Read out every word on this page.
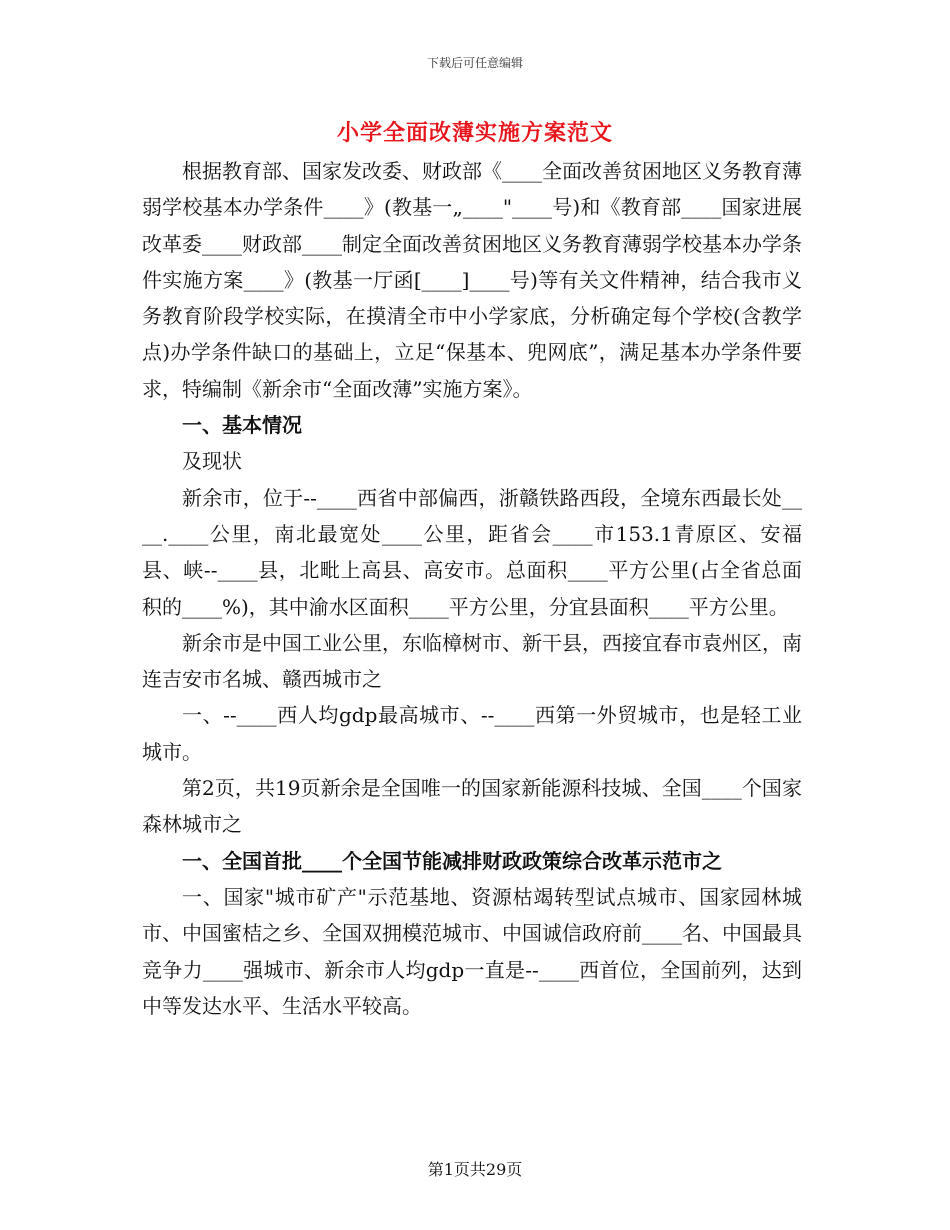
下载后可任意编辑
小学全面改薄实施方案范文

根据教育部、国家发改委、财政部《____全面改善贫困地区义务教育薄弱学校基本办学条件____》(教基一„____"____号)和《教育部____国家进展改革委____财政部____制定全面改善贫困地区义务教育薄弱学校基本办学条件实施方案____》(教基一厅函[____]____号)等有关文件精神，结合我市义务教育阶段学校实际，在摸清全市中小学家底，分析确定每个学校(含教学点)办学条件缺口的基础上，立足“保基本、兜网底”，满足基本办学条件要求，特编制《新余市“全面改薄”实施方案》。

一、基本情况

及现状

新余市，位于--____西省中部偏西，浙赣铁路西段，全境东西最长处____.____公里，南北最宽处____公里，距省会____市153.1青原区、安福县、峡--____县，北毗上高县、高安市。总面积____平方公里(占全省总面积的____%)，其中渝水区面积____平方公里，分宜县面积____平方公里。

新余市是中国工业公里，东临樟树市、新干县，西接宜春市袁州区，南连吉安市名城、赣西城市之

一、--____西人均gdp最高城市、--____西第一外贸城市，也是轻工业城市。

第2页，共19页新余是全国唯一的国家新能源科技城、全国____个国家森林城市之

一、全国首批____个全国节能减排财政政策综合改革示范市之

一、国家"城市矿产"示范基地、资源枯竭转型试点城市、国家园林城市、中国蜜桔之乡、全国双拥模范城市、中国诚信政府前____名、中国最具竞争力____强城市、新余市人均gdp一直是--____西首位，全国前列，达到中等发达水平、生活水平较高。

第1页共29页
